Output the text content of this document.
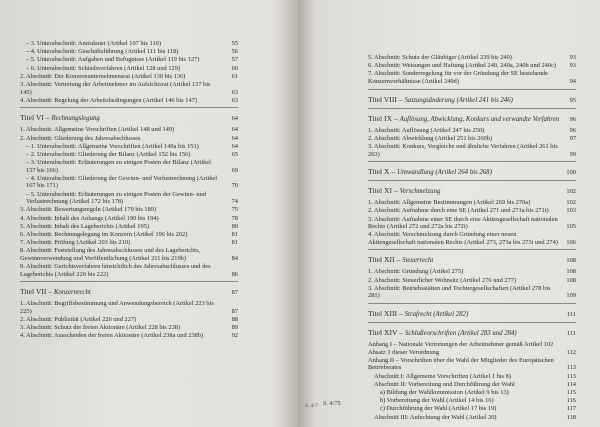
– 3. Unterabschnitt: Amtsdauer (Artikel 107 bis 110)	55
– 4. Unterabschnitt: Geschäftsführung (Artikel 111 bis 118)	56
– 5. Unterabschnitt: Aufgaben und Befugnisse (Artikel 119 bis 127)	57
– 6. Unterabschnitt: Schiedsverfahren (Artikel 128 und 129)	60
2. Abschnitt: Der Konzernunternehmensrat (Artikel 130 bis 136)	61
3. Abschnitt: Vertretung der Arbeitnehmer im Aufsichtsrat (Artikel 137 bis 145)	63
4. Abschnitt: Regelung der Arbeitsbedingungen (Artikel 146 bis 147)	63
Titel VI – Rechnungslegung	64
1. Abschnitt: Allgemeine Vorschriften (Artikel 148 und 149)	64
2. Abschnitt: Gliederung des Jahresabschlusses	64
– 1. Unterabschnitt: Allgemeine Vorschriften (Artikel 149a bis 151)	64
– 2. Unterabschnitt: Gliederung der Bilanz (Artikel 152 bis 156)	65
– 3. Unterabschnitt: Erläuterungen zu einigen Posten der Bilanz (Artikel 157 bis 166)	69
– 4. Unterabschnitt: Gliederung der Gewinn- und Verlustrechnung (Artikel 167 bis 171)	70
– 5. Unterabschnitt: Erläuterungen zu einigen Posten der Gewinn- und Verlustrechnung (Artikel 172 bis 178)	74
3. Abschnitt: Bewertungsregeln (Artikel 179 bis 189)	75
4. Abschnitt: Inhalt des Anhangs (Artikel 190 bis 194)	78
5. Abschnitt: Inhalt des Lageberichts (Artikel 195)	80
6. Abschnitt: Rechnungslegung im Konzern (Artikel 196 bis 202)	81
7. Abschnitt: Prüfung (Artikel 203 bis 210)	81
8. Abschnitt: Feststellung des Jahresabschlusses und des Lageberichts, Gewinnverwendung und Veröffentlichung (Artikel 211 bis 219b)	84
9. Abschnitt: Gerichtsverfahren hinsichtlich des Jahresabschlusses und des Lageberichts (Artikel 220 bis 222)	86
Titel VII – Konzernrecht	87
1. Abschnitt: Begriffsbestimmung und Anwendungsbereich (Artikel 223 bis 225)	87
2. Abschnitt: Publizität (Artikel 226 und 227)	88
3. Abschnitt: Schutz der freien Aktionäre (Artikel 228 bis 238)	89
4. Abschnitt: Ausscheiden der freien Aktionäre (Artikel 238a und 238b)	92
5. Abschnitt: Schutz der Gläubiger (Artikel 239 bis 240)	93
6. Abschnitt: Weisungen und Haftung (Artikel 240, 240a, 240b und 240c)	93
7. Abschnitt: Sonderregelung für vor der Gründung der SE bestehende Konzernverhältnisse (Artikel 240d)	94
Titel VIII – Satzungsänderung (Artikel 241 bis 246)	95
Titel IX – Auflösung, Abwicklung, Konkurs und verwandte Verfahren	96
1. Abschnitt: Auflösung (Artikel 247 bis 250)	96
2. Abschnitt: Abwicklung (Artikel 251 bis 260b)	97
3. Abschnitt: Konkurs, Vergleiche und ähnliche Verfahren (Artikel 261 bis 263)	99
Titel X – Umwandlung (Artikel 264 bis 268)	100
Titel XI – Verschmelzung	102
1. Abschnitt: Allgemeine Bestimmungen (Artikel 269 bis 270a)	102
2. Abschnitt: Aufnahme durch eine SE (Artikel 271 und 271a bis 271i)	103
3. Abschnitt: Aufnahme einer SE durch eine Aktiengesellschaft nationalen Rechts (Artikel 272 und 272a bis 272i)	105
4. Abschnitt: Verschmelzung durch Gründung einer neuen Aktiengesellschaft nationalen Rechts (Artikel 273, 273a bis 273i und 274)	106
Titel XII – Steuerrecht	108
1. Abschnitt: Gründung (Artikel 275)	108
2. Abschnitt: Steuerlicher Wohnsitz (Artikel 276 und 277)	108
3. Abschnitt: Betriebsstätten und Tochtergesellschaften (Artikel 278 bis 281)	109
Titel XIII – Strafrecht (Artikel 282)	111
Titel XIV – Schlußvorschriften (Artikel 283 und 284)	111
Anhang I – Nationale Vertretungen der Arbeitnehmer gemäß Artikel 102 Absatz 1 dieser Verordnung	112
Anhang II – Vorschriften über die Wahl der Mitglieder des Europäischen Betriebsrates	113
Abschnitt I: Allgemeine Vorschriften (Artikel 1 bis 8)	113
Abschnitt II: Vorbereitung und Durchführung der Wahl	114
a) Bildung der Wahlkommission (Artikel 9 bis 13)	115
b) Vorbereitung der Wahl (Artikel 14 bis 16)	116
c) Durchführung der Wahl (Artikel 17 bis 19)	117
Abschnitt III: Anfechtung der Wahl (Artikel 20)	118
S. 4/7 S. 4/75
